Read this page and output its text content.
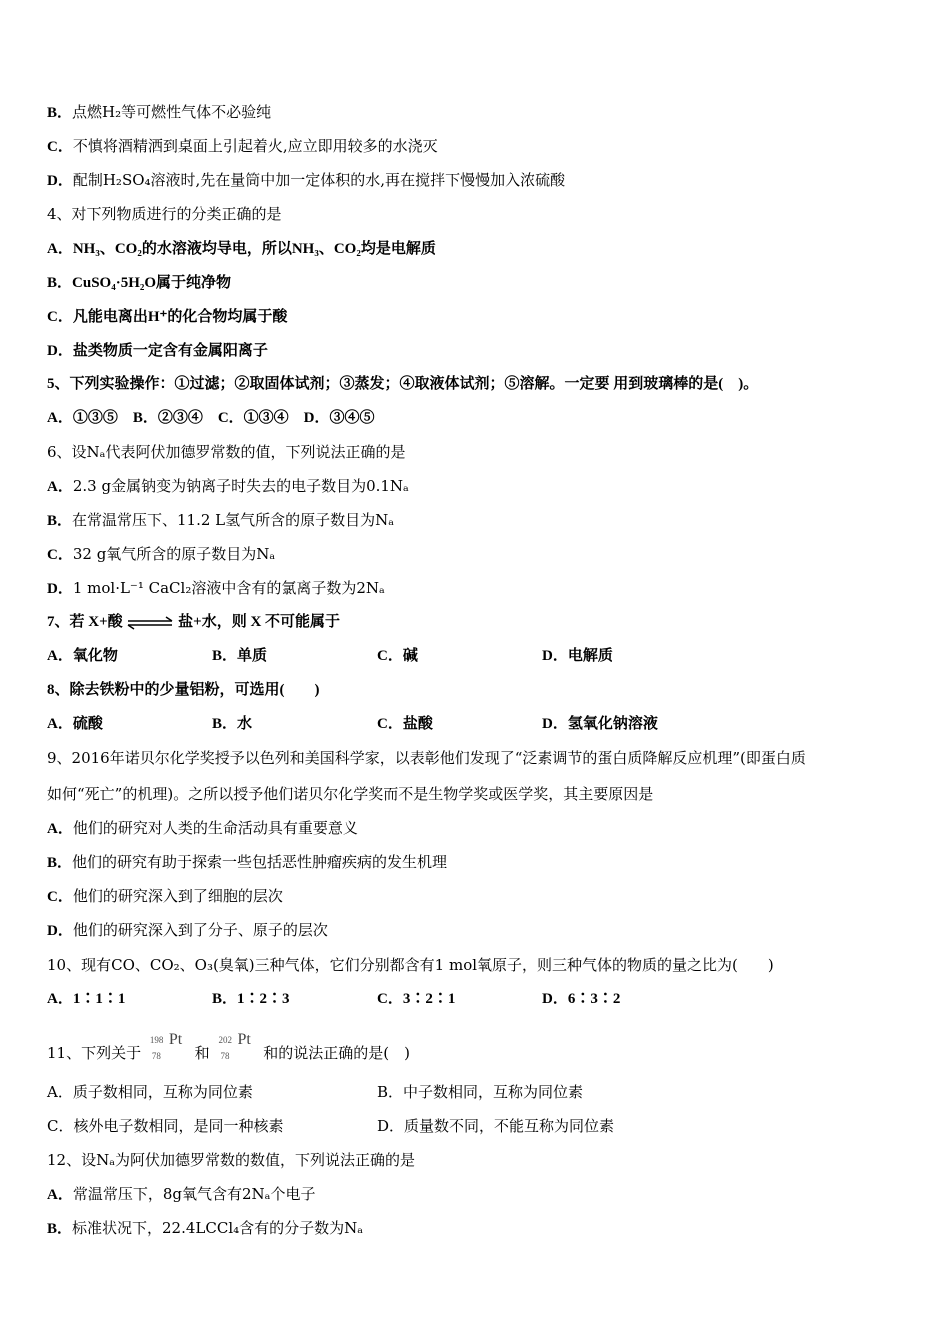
B．点燃H₂等可燃性气体不必验纯
C．不慎将酒精洒到桌面上引起着火,应立即用较多的水浇灭
D．配制H₂SO₄溶液时,先在量筒中加一定体积的水,再在搅拌下慢慢加入浓硫酸
4、对下列物质进行的分类正确的是
A．NH₃、CO₂的水溶液均导电，所以NH₃、CO₂均是电解质
B．CuSO₄·5H₂O属于纯净物
C．凡能电离出H⁺的化合物均属于酸
D．盐类物质一定含有金属阳离子
5、下列实验操作：①过滤；②取固体试剂；③蒸发；④取液体试剂；⑤溶解。一定要 用到玻璃棒的是(　)。
A．①③⑤　B．②③④　C．①③④　D．③④⑤
6、设Nₐ代表阿伏加德罗常数的值，下列说法正确的是
A．2.3 g金属钠变为钠离子时失去的电子数目为0.1Nₐ
B．在常温常压下、11.2 L氢气所含的原子数目为Nₐ
C．32 g氧气所含的原子数目为Nₐ
D．1 mol·L⁻¹ CaCl₂溶液中含有的氯离子数为2Nₐ
7、若 X+酸 ⇌ 盐+水，则 X 不可能属于
A．氧化物	B．单质	C．碱	D．电解质
8、除去铁粉中的少量铝粉，可选用(　　)
A．硫酸	B．水	C．盐酸	D．氢氧化钠溶液
9、2016年诺贝尔化学奖授予以色列和美国科学家，以表彰他们发现了“泛素调节的蛋白质降解反应机理”(即蛋白质
如何“死亡”的机理)。之所以授予他们诺贝尔化学奖而不是生物学奖或医学奖，其主要原因是
A．他们的研究对人类的生命活动具有重要意义
B．他们的研究有助于探索一些包括恶性肿瘤疾病的发生机理
C．他们的研究深入到了细胞的层次
D．他们的研究深入到了分子、原子的层次
10、现有CO、CO₂、O₃(臭氧)三种气体，它们分别都含有1 mol氧原子，则三种气体的物质的量之比为(　　)
A．1∶1∶1	B．1∶2∶3	C．3∶2∶1	D．6∶3∶2
11、下列关于
198
78
Pt
和
202
78
Pt
和的说法正确的是(　)
A．质子数相同，互称为同位素	B．中子数相同，互称为同位素
C．核外电子数相同，是同一种核素	D．质量数不同，不能互称为同位素
12、设Nₐ为阿伏加德罗常数的数值，下列说法正确的是
A．常温常压下，8g氧气含有2Nₐ个电子
B．标准状况下，22.4LCCl₄含有的分子数为Nₐ
